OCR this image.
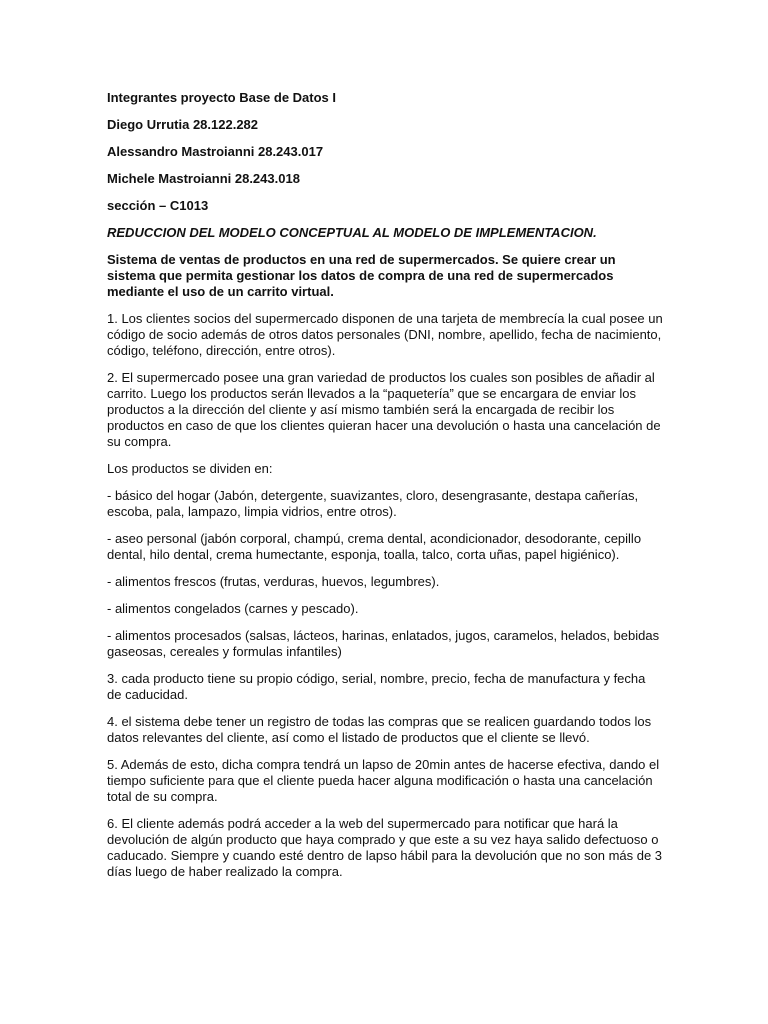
Integrantes proyecto Base de Datos I
Diego Urrutia 28.122.282
Alessandro Mastroianni 28.243.017
Michele Mastroianni 28.243.018
sección – C1013
REDUCCION DEL MODELO CONCEPTUAL AL MODELO DE IMPLEMENTACION.

Sistema de ventas de productos en una red de supermercados. Se quiere crear un sistema que permita gestionar los datos de compra de una red de supermercados mediante el uso de un carrito virtual.

1. Los clientes socios del supermercado disponen de una tarjeta de membrecía la cual posee un código de socio además de otros datos personales (DNI, nombre, apellido, fecha de nacimiento, código, teléfono, dirección, entre otros).

2. El supermercado posee una gran variedad de productos los cuales son posibles de añadir al carrito. Luego los productos serán llevados a la “paquetería” que se encargara de enviar los productos a la dirección del cliente y así mismo también será la encargada de recibir los productos en caso de que los clientes quieran hacer una devolución o hasta una cancelación de su compra.

Los productos se dividen en:

- básico del hogar (Jabón, detergente, suavizantes, cloro, desengrasante, destapa cañerías, escoba, pala, lampazo, limpia vidrios, entre otros).

- aseo personal (jabón corporal, champú, crema dental, acondicionador, desodorante, cepillo dental, hilo dental, crema humectante, esponja, toalla, talco, corta uñas, papel higiénico).

- alimentos frescos (frutas, verduras, huevos, legumbres).

- alimentos congelados (carnes y pescado).

- alimentos procesados (salsas, lácteos, harinas, enlatados, jugos, caramelos, helados, bebidas gaseosas, cereales y formulas infantiles)

3. cada producto tiene su propio código, serial, nombre, precio, fecha de manufactura y fecha de caducidad.

4. el sistema debe tener un registro de todas las compras que se realicen guardando todos los datos relevantes del cliente, así como el listado de productos que el cliente se llevó.

5. Además de esto, dicha compra tendrá un lapso de 20min antes de hacerse efectiva, dando el tiempo suficiente para que el cliente pueda hacer alguna modificación o hasta una cancelación total de su compra.

6. El cliente además podrá acceder a la web del supermercado para notificar que hará la devolución de algún producto que haya comprado y que este a su vez haya salido defectuoso o caducado. Siempre y cuando esté dentro de lapso hábil para la devolución que no son más de 3 días luego de haber realizado la compra.
